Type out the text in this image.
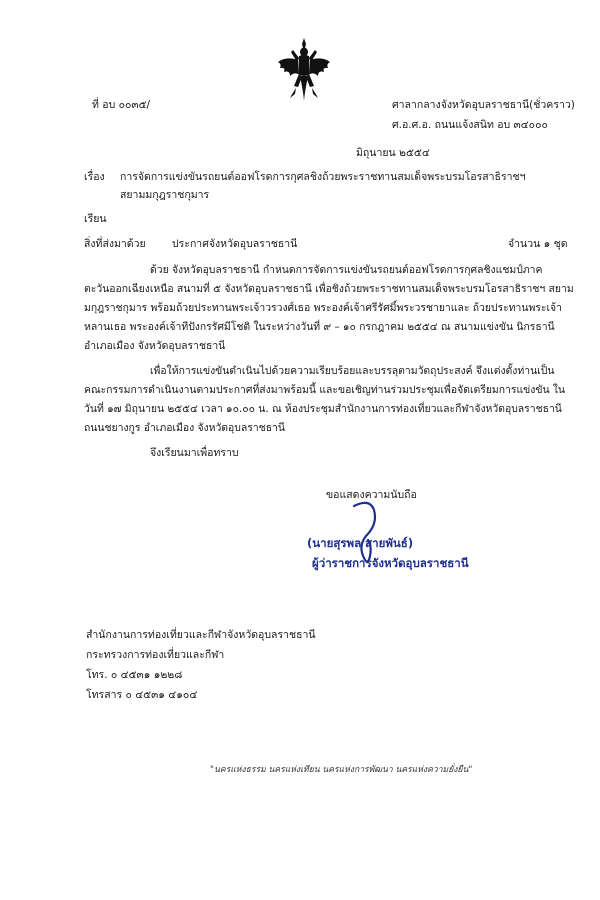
ที่ อบ ๐๐๓๕/	ศาลากลางจังหวัดอุบลราชธานี(ชั่วคราว)
ศ.อ.ศ.อ. ถนนแจ้งสนิท อบ ๓๔๐๐๐
มิถุนายน ๒๕๕๔
เรื่อง การจัดการแข่งขันรถยนต์ออฟโรดการกุศลชิงถ้วยพระราชทานสมเด็จพระบรมโอรสาธิราชฯ
สยามมกุฎราชกุมาร
เรียน
สิ่งที่ส่งมาด้วย	ประกาศจังหวัดอุบลราชธานี	จำนวน ๑ ชุด
ด้วย จังหวัดอุบลราชธานี กำหนดการจัดการแข่งขันรถยนต์ออฟโรดการกุศลชิงแชมป์ภาค
ตะวันออกเฉียงเหนือ สนามที่ ๕ จังหวัดอุบลราชธานี เพื่อชิงถ้วยพระราชทานสมเด็จพระบรมโอรสาธิราชฯ สยาม
มกุฎราชกุมาร พร้อมถ้วยประทานพระเจ้าวรวงศ์เธอ พระองค์เจ้าศรีรัศมิ์พระวรชายาและ ถ้วยประทานพระเจ้า
หลานเธอ พระองค์เจ้าทีปังกรรัศมีโชติ ในระหว่างวันที่ ๙ – ๑๐ กรกฎาคม ๒๕๕๔ ณ สนามแข่งขัน นิกรธานี
อำเภอเมือง จังหวัดอุบลราชธานี
เพื่อให้การแข่งขันดำเนินไปด้วยความเรียบร้อยและบรรลุตามวัตถุประสงค์ จึงแต่งตั้งท่านเป็น
คณะกรรมการดำเนินงานตามประกาศที่ส่งมาพร้อมนี้ และขอเชิญท่านร่วมประชุมเพื่อจัดเตรียมการแข่งขัน ใน
วันที่ ๑๗ มิถุนายน ๒๕๕๔ เวลา ๑๐.๐๐ น. ณ ห้องประชุมสำนักงานการท่องเที่ยวและกีฬาจังหวัดอุบลราชธานี
ถนนชยางกูร อำเภอเมือง จังหวัดอุบลราชธานี
จึงเรียนมาเพื่อทราบ
ขอแสดงความนับถือ
(นายสุรพล สายพันธ์)
ผู้ว่าราชการจังหวัดอุบลราชธานี
สำนักงานการท่องเที่ยวและกีฬาจังหวัดอุบลราชธานี
กระทรวงการท่องเที่ยวและกีฬา
โทร. ๐ ๔๕๓๑ ๑๒๒๘
โทรสาร ๐ ๔๕๓๑ ๔๑๐๔
"นครแห่งธรรม นครแห่งเทียน นครแห่งการพัฒนา นครแห่งความยั่งยืน"
